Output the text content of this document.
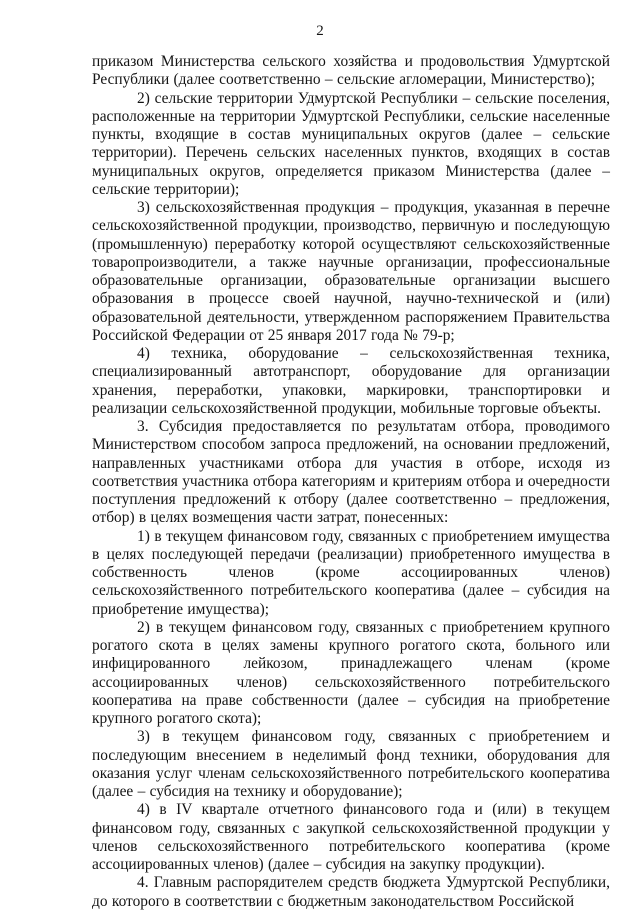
2

приказом Министерства сельского хозяйства и продовольствия Удмуртской Республики (далее соответственно – сельские агломерации, Министерство);

2) сельские территории Удмуртской Республики – сельские поселения, расположенные на территории Удмуртской Республики, сельские населенные пункты, входящие в состав муниципальных округов (далее – сельские территории). Перечень сельских населенных пунктов, входящих в состав муниципальных округов, определяется приказом Министерства (далее – сельские территории);

3) сельскохозяйственная продукция – продукция, указанная в перечне сельскохозяйственной продукции, производство, первичную и последующую (промышленную) переработку которой осуществляют сельскохозяйственные товаропроизводители, а также научные организации, профессиональные образовательные организации, образовательные организации высшего образования в процессе своей научной, научно-технической и (или) образовательной деятельности, утвержденном распоряжением Правительства Российской Федерации от 25 января 2017 года № 79-р;

4) техника, оборудование – сельскохозяйственная техника, специализированный автотранспорт, оборудование для организации хранения, переработки, упаковки, маркировки, транспортировки и реализации сельскохозяйственной продукции, мобильные торговые объекты.

3. Субсидия предоставляется по результатам отбора, проводимого Министерством способом запроса предложений, на основании предложений, направленных участниками отбора для участия в отборе, исходя из соответствия участника отбора категориям и критериям отбора и очередности поступления предложений к отбору (далее соответственно – предложения, отбор) в целях возмещения части затрат, понесенных:

1) в текущем финансовом году, связанных с приобретением имущества в целях последующей передачи (реализации) приобретенного имущества в собственность членов (кроме ассоциированных членов) сельскохозяйственного потребительского кооператива (далее – субсидия на приобретение имущества);

2) в текущем финансовом году, связанных с приобретением крупного рогатого скота в целях замены крупного рогатого скота, больного или инфицированного лейкозом, принадлежащего членам (кроме ассоциированных членов) сельскохозяйственного потребительского кооператива на праве собственности (далее – субсидия на приобретение крупного рогатого скота);

3) в текущем финансовом году, связанных с приобретением и последующим внесением в неделимый фонд техники, оборудования для оказания услуг членам сельскохозяйственного потребительского кооператива (далее – субсидия на технику и оборудование);

4) в IV квартале отчетного финансового года и (или) в текущем финансовом году, связанных с закупкой сельскохозяйственной продукции у членов сельскохозяйственного потребительского кооператива (кроме ассоциированных членов) (далее – субсидия на закупку продукции).

4. Главным распорядителем средств бюджета Удмуртской Республики, до которого в соответствии с бюджетным законодательством Российской
